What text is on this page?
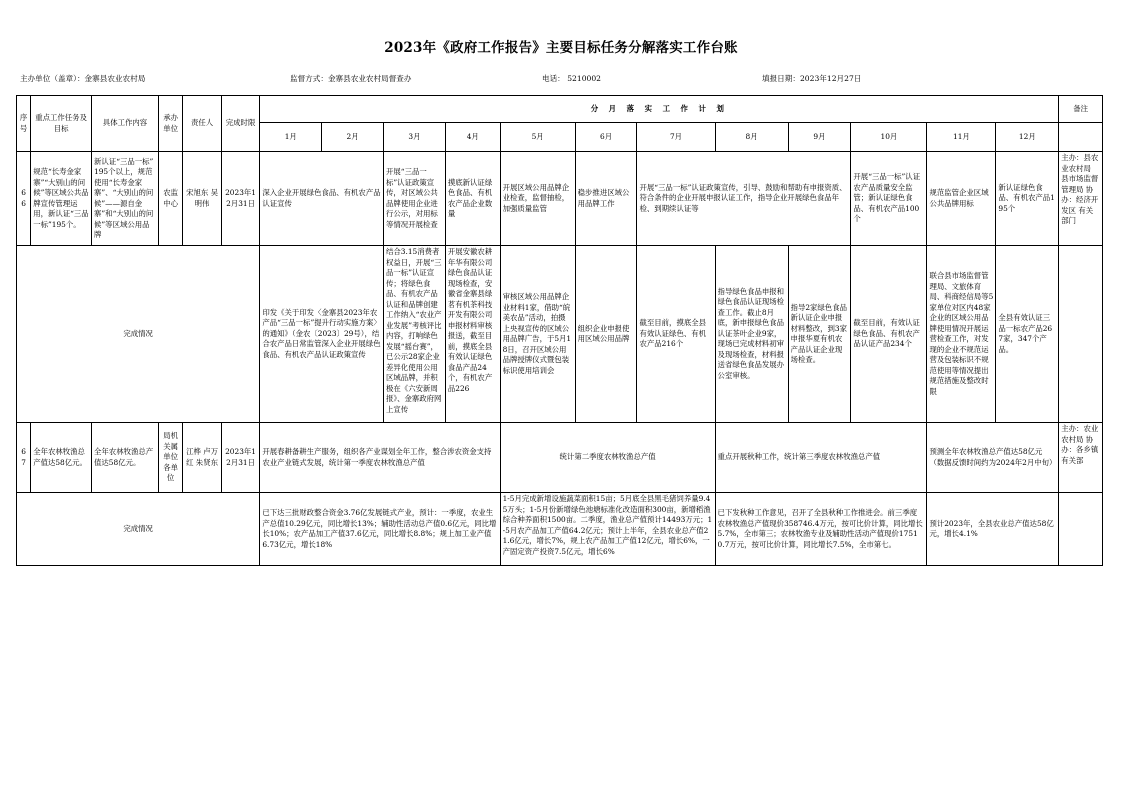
2023年《政府工作报告》主要目标任务分解落实工作台账
主办单位（盖章）：金寨县农业农村局	监督方式：金寨县农业农村局督查办	电话： 5210002	填报日期：2023年12月27日
序号	重点工作任务及目标	具体工作内容	承办单位	责任人	完成时限	分 月 落 实 工 作 计 划												备注
						1月	2月	3月	4月	5月	6月	7月	8月	9月	10月	11月	12月	

66	规范“长寿金家寨”“大别山的问候”等区域公共品牌宣传管理运用，新认证“三品一标”195个。	新认证“三品一标” 195个以上，规范使用“长寿金家寨”、“大别山的问候”——源自金寨”和“大别山的问候”等区域公用品牌	农监中心	宋旭东 吴明伟	2023年12月31日	深入企业开展绿色食品、有机农产品认证宣传		开展“三品一标”认证政策宣传，对区域公共品牌使用企业进行公示，对用标等情况开展检查	摸底新认证绿色食品、有机农产品企业数量	开展区域公用品牌企业检查，监督抽检，加强质量监管	稳步推进区域公用品牌工作	开展“三品一标”认证政策宣传，引导、鼓励和帮助有申报资质、符合条件的企业开展申报认证工作，指导企业开展绿色食品年检、到期续认证等			开展“三品一标”认证农产品质量安全监管；新认证绿色食品、有机农产品100个	规范监管企业区域公共品牌用标	新认证绿色食品、有机农产品195个	主办：县农业农村局 县市场监督管理局 协办：经济开发区 有关部门

完成情况						印发《关于印发〈金寨县2023年农产品“三品一标”提升行动实施方案〉的通知》（金农〔2023〕29号），结合农产品日常监管深入企业开展绿色食品、有机农产品认证政策宣传		结合3.15消费者权益日，开展“三品一标”认证宣传；将绿色食品、有机农产品认证和品牌创建工作纳入“农业产业发展”考核评比内容，打响绿色发展“摇台赛”，已公示28家企业差异化使用公用区域品牌，并积极在《六安新周报》、金寨政府网上宣传	开展安徽农耕年华有限公司绿色食品认证现场检查，安徽省金寨县绿茗有机茶科技开发有限公司申报材料审核报送，截至目前，摸底全县有效认证绿色食品产品24个，有机农产品226	审核区域公用品牌企业材料1家，借助“皖美农品”活动，拍摄上央视宣传的区域公用品牌广告，于5月18日，召开区域公用品牌授牌仪式暨包装标识使用培训会	组织企业申报使用区域公用品牌	截至目前，摸底全县有效认证绿色、有机农产品216个	指导绿色食品申报和绿色食品认证现场检查工作。截止8月底，新申报绿色食品认证茶叶企业9家，现场已完成材料初审及现场检查，材料报送省绿色食品发展办公室审核。	指导2家绿色食品新认证企业申报材料整改，到3家申报华夏有机农产品认证企业现场检查。	截至目前，有效认证绿色食品、有机农产品认证产品234个	联合县市场监督管理局、文旅体育局、科商经信局等5家单位对区内48家企业的区域公用品牌使用情况开展运营检查工作，对发现的企业不规范运营及包装标识不规范使用等情况提出规范措施及整改时限	全县有效认证三品一标农产品267家，347个产品。	

67	全年农林牧渔总产值达58亿元。	全年农林牧渔总产值达58亿元。	局机关属单位各单位	江桦 卢万红 朱贤东	2023年12月31日	开展春耕备耕生产服务，组织各产业谋划全年工作，整合涉农资金支持农业产业链式发展，统计第一季度农林牧渔总产值				统计第二季度农林牧渔总产值			重点开展秋种工作，统计第三季度农林牧渔总产值			预测全年农林牧渔总产值达58亿元（数据反馈时间约为2024年2月中旬）		主办：农业农村局 协办：各乡镇 有关部

完成情况						已下达三批财政整合资金3.76亿发展链式产业，预计：一季度，农业生产总值10.29亿元，同比增长13%；辅助性活动总产值0.6亿元，同比增长10%；农产品加工产值37.6亿元，同比增长8.8%；规上加工业产值6.73亿元，增长18%				1-5月完成新增设施蔬菜面积15亩；5月底全县黑毛猪饲养量9.45万头；1-5月份新增绿色池塘标准化改造面积300亩，新增稻渔综合种养面积1500亩。二季度，渔业总产值预计14493万元；1-5月农产品加工产值64.2亿元；预计上半年，全县农业总产值21.6亿元，增长7%，规上农产品加工产值12亿元，增长6%，一产固定资产投资7.5亿元，增长6%			已下发秋种工作意见，召开了全县秋种工作推进会。前三季度农林牧渔总产值现价358746.4万元，按可比价计算，同比增长5.7%，全市第三；农林牧渔专业及辅助性活动产值现价17510.7万元，按可比价计算，同比增长7.5%，全市第七。			预计2023年，全县农业总产值达58亿元，增长4.1%		
